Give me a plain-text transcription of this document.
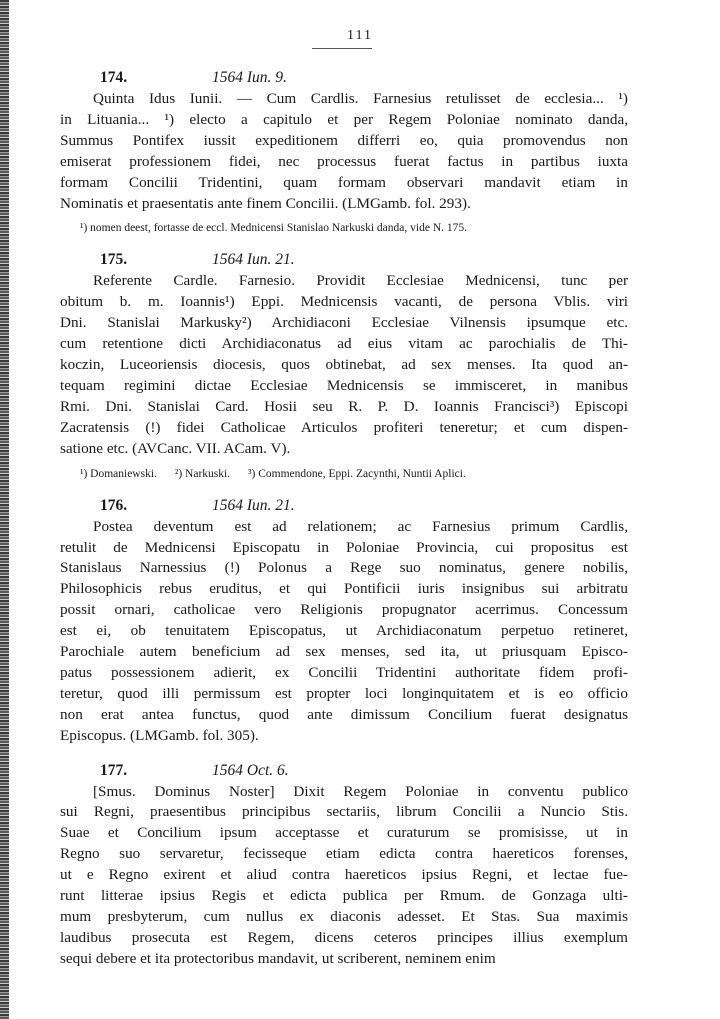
111
174.	1564 Iun. 9.
Quinta Idus Iunii. — Cum Cardlis. Farnesius retulisset de ecclesia... ¹)
in Lituania... ¹) electo a capitulo et per Regem Poloniae nominato danda,
Summus Pontifex iussit expeditionem differri eo, quia promovendus non
emiserat professionem fidei, nec processus fuerat factus in partibus iuxta
formam Concilii Tridentini, quam formam observari mandavit etiam in
Nominatis et praesentatis ante finem Concilii. (LMGamb. fol. 293).
¹) nomen deest, fortasse de eccl. Mednicensi Stanislao Narkuski danda, vide N. 175.
175.	1564 Iun. 21.
Referente Cardle. Farnesio. Providit Ecclesiae Mednicensi, tunc per
obitum b. m. Ioannis¹) Eppi. Mednicensis vacanti, de persona Vblis. viri
Dni. Stanislai Markusky²) Archidiaconi Ecclesiae Vilnensis ipsumque etc.
cum retentione dicti Archidiaconatus ad eius vitam ac parochialis de Thi-
koczin, Luceoriensis diocesis, quos obtinebat, ad sex menses. Ita quod an-
tequam regimini dictae Ecclesiae Mednicensis se immisceret, in manibus
Rmi. Dni. Stanislai Card. Hosii seu R. P. D. Ioannis Francisci³) Episcopi
Zacratensis (!) fidei Catholicae Articulos profiteri teneretur; et cum dispen-
satione etc. (AVCanc. VII. ACam. V).
¹) Domaniewski. ²) Narkuski. ³) Commendone, Eppi. Zacynthi, Nuntii Aplici.
176.	1564 Iun. 21.
Postea deventum est ad relationem; ac Farnesius primum Cardlis,
retulit de Mednicensi Episcopatu in Poloniae Provincia, cui propositus est
Stanislaus Narnessius (!) Polonus a Rege suo nominatus, genere nobilis,
Philosophicis rebus eruditus, et qui Pontificii iuris insignibus sui arbitratu
possit ornari, catholicae vero Religionis propugnator acerrimus. Concessum
est ei, ob tenuitatem Episcopatus, ut Archidiaconatum perpetuo retineret,
Parochiale autem beneficium ad sex menses, sed ita, ut priusquam Episco-
patus possessionem adierit, ex Concilii Tridentini authoritate fidem profi-
teretur, quod illi permissum est propter loci longinquitatem et is eo officio
non erat antea functus, quod ante dimissum Concilium fuerat designatus
Episcopus. (LMGamb. fol. 305).
177.	1564 Oct. 6.
[Smus. Dominus Noster] Dixit Regem Poloniae in conventu publico
sui Regni, praesentibus principibus sectariis, librum Concilii a Nuncio Stis.
Suae et Concilium ipsum acceptasse et curaturum se promisisse, ut in
Regno suo servaretur, fecisseque etiam edicta contra haereticos forenses,
ut e Regno exirent et aliud contra haereticos ipsius Regni, et lectae fue-
runt litterae ipsius Regis et edicta publica per Rmum. de Gonzaga ulti-
mum presbyterum, cum nullus ex diaconis adesset. Et Stas. Sua maximis
laudibus prosecuta est Regem, dicens ceteros principes illius exemplum
sequi debere et ita protectoribus mandavit, ut scriberent, neminem enim
